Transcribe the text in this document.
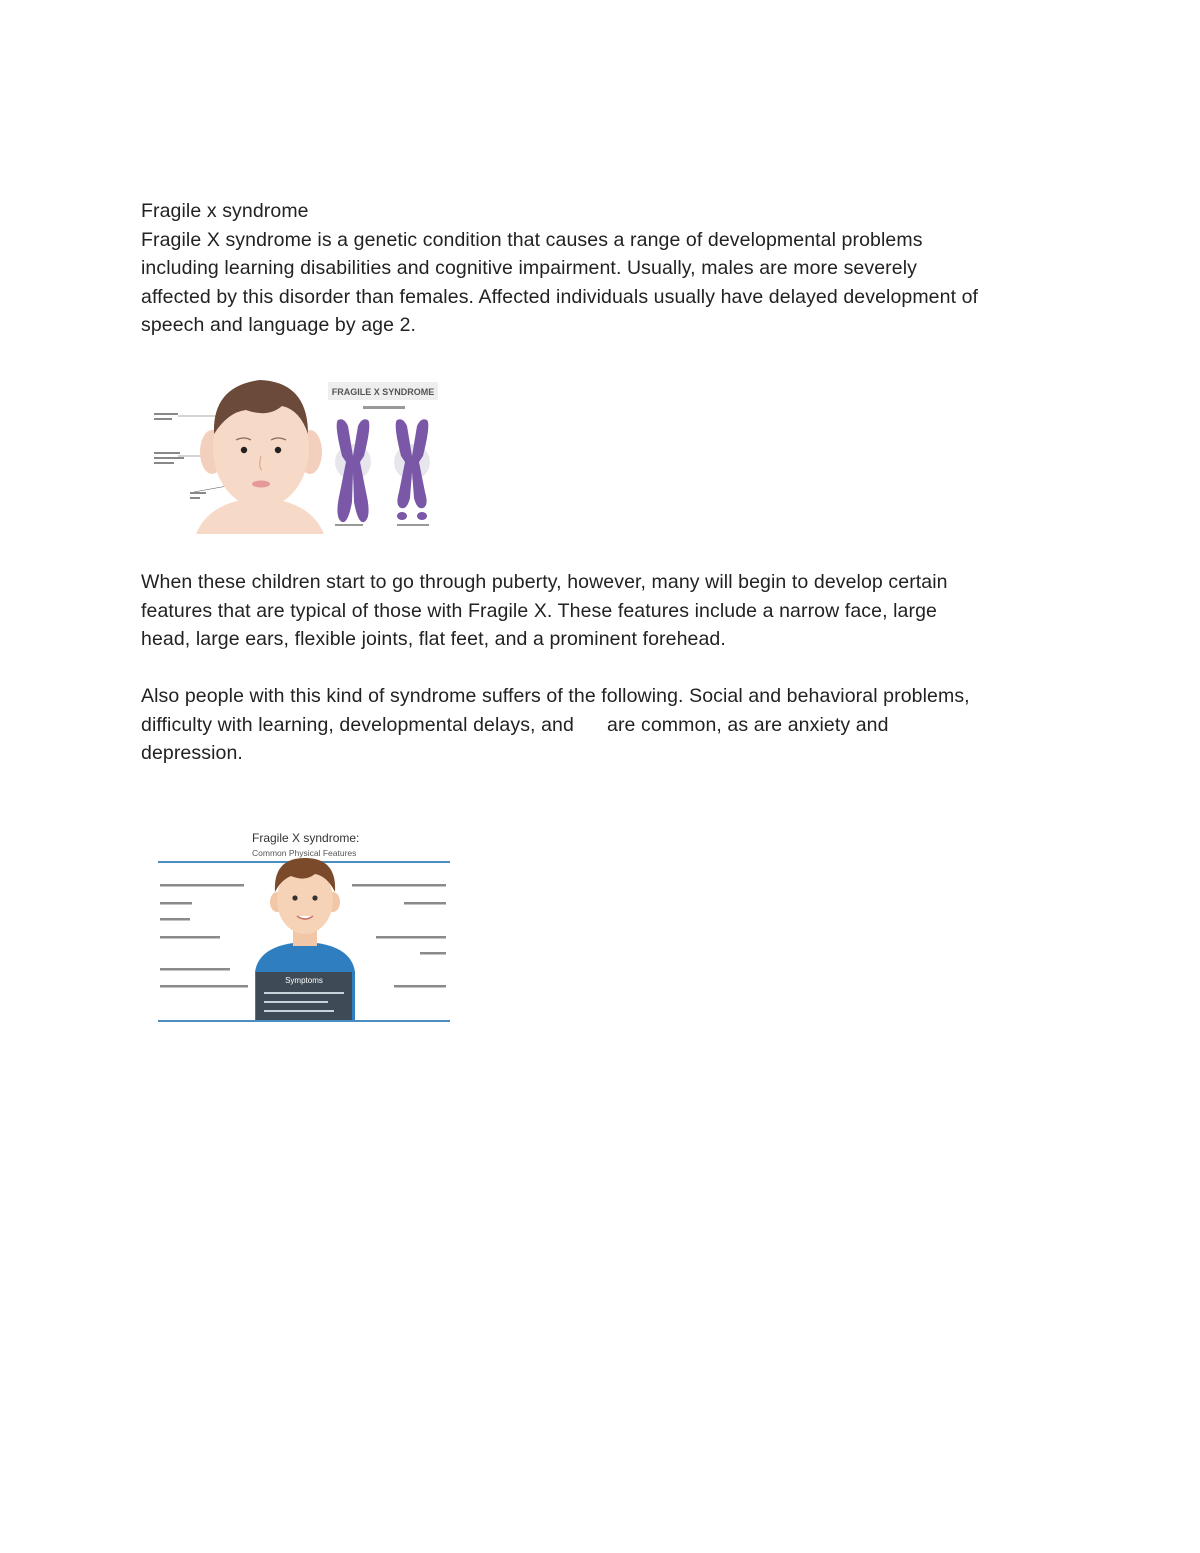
Fragile x syndrome
Fragile X syndrome is a genetic condition that causes a range of developmental problems
including learning disabilities and cognitive impairment. Usually, males are more severely
affected by this disorder than females. Affected individuals usually have delayed development of
speech and language by age 2.
FRAGILE X SYNDROME
When these children start to go through puberty, however, many will begin to develop certain
features that are typical of those with Fragile X. These features include a narrow face, large
head, large ears, flexible joints, flat feet, and a prominent forehead.
Also people with this kind of syndrome suffers of the following. Social and behavioral problems,
difficulty with learning, developmental delays, and      are common, as are anxiety and
depression.
Fragile X syndrome:
Common Physical Features
Symptoms
